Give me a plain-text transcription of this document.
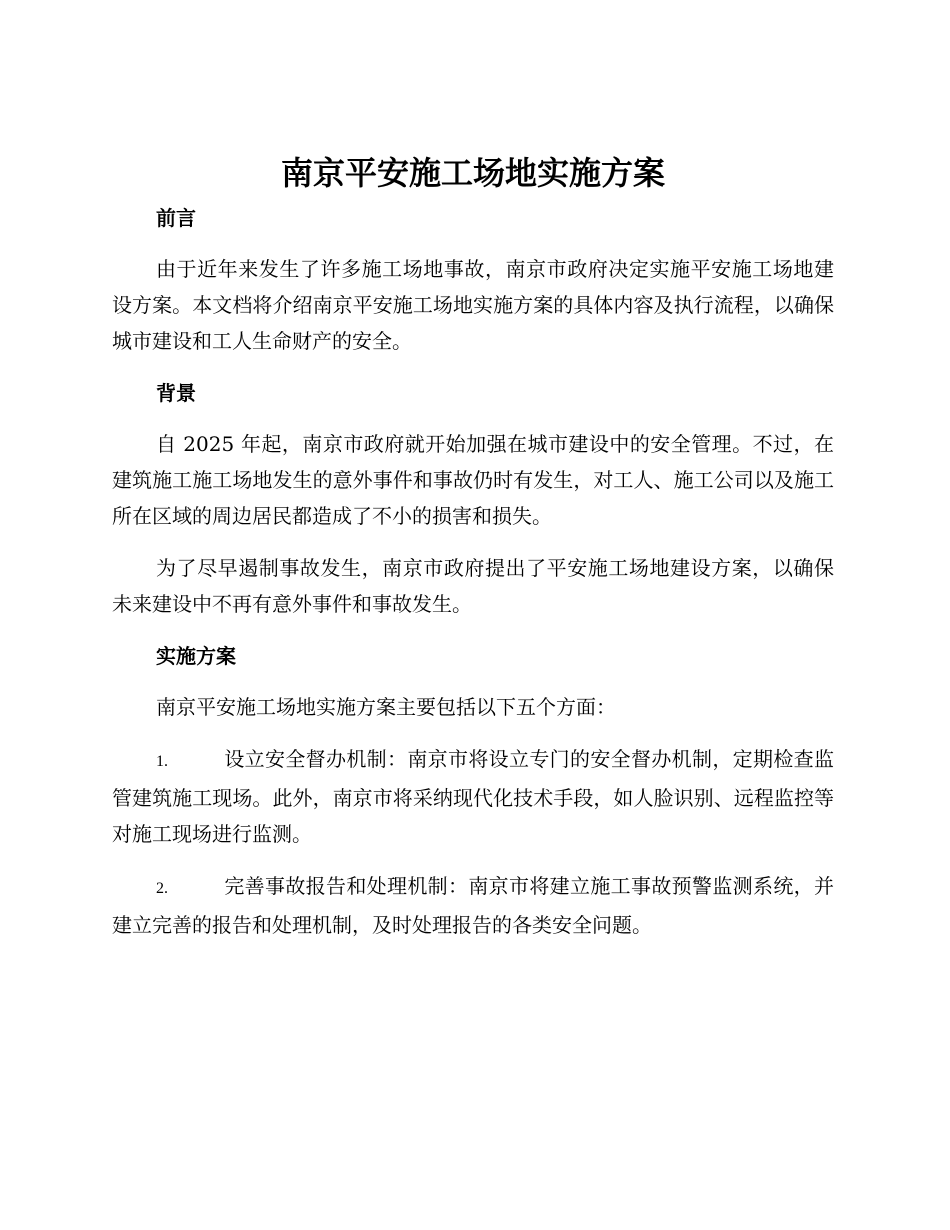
南京平安施工场地实施方案
前言

由于近年来发生了许多施工场地事故，南京市政府决定实施平安施工场地建设方案。本文档将介绍南京平安施工场地实施方案的具体内容及执行流程，以确保城市建设和工人生命财产的安全。

背景

自 2025 年起，南京市政府就开始加强在城市建设中的安全管理。不过，在建筑施工施工场地发生的意外事件和事故仍时有发生，对工人、施工公司以及施工所在区域的周边居民都造成了不小的损害和损失。

为了尽早遏制事故发生，南京市政府提出了平安施工场地建设方案，以确保未来建设中不再有意外事件和事故发生。

实施方案

南京平安施工场地实施方案主要包括以下五个方面：

1.	设立安全督办机制：南京市将设立专门的安全督办机制，定期检查监管建筑施工现场。此外，南京市将采纳现代化技术手段，如人脸识别、远程监控等对施工现场进行监测。

2.	完善事故报告和处理机制：南京市将建立施工事故预警监测系统，并建立完善的报告和处理机制，及时处理报告的各类安全问题。
